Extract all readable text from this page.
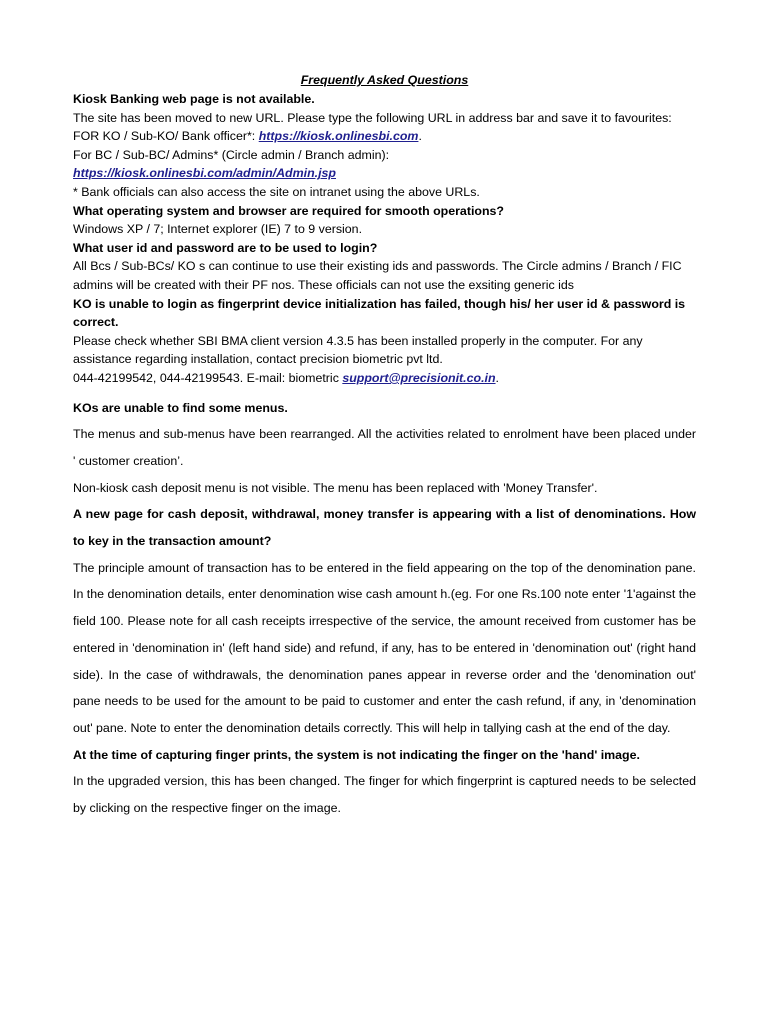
Frequently Asked Questions

Kiosk Banking web page is not available.

The site has been moved to new URL. Please type the following URL in address bar and save it to favourites:

FOR KO / Sub-KO/ Bank officer*: https://kiosk.onlinesbi.com.

For BC / Sub-BC/ Admins* (Circle admin / Branch admin):

https://kiosk.onlinesbi.com/admin/Admin.jsp

* Bank officials can also access the site on intranet using the above URLs.

What operating system and browser are required for smooth operations?

Windows XP / 7; Internet explorer (IE) 7 to 9 version.

What user id and password are to be used to login?

All Bcs / Sub-BCs/ KO s can continue to use their existing ids and passwords. The Circle admins / Branch / FIC admins will be created with their PF nos. These officials can not use the exsiting generic ids

KO is unable to login as fingerprint device initialization has failed, though his/ her user id & password is correct.

Please check whether SBI BMA client version 4.3.5 has been installed properly in the computer. For any assistance regarding installation, contact precision biometric pvt ltd.

044-42199542, 044-42199543. E-mail: biometric support@precisionit.co.in.

KOs are unable to find some menus.

The menus and sub-menus have been rearranged. All the activities related to enrolment have been placed under ' customer creation’.

Non-kiosk cash deposit menu is not visible. The menu has been replaced with 'Money Transfer'.

A new page for cash deposit, withdrawal, money transfer is appearing with a list of denominations. How to key in the transaction amount?

The principle amount of transaction has to be entered in the field appearing on the top of the denomination pane. In the denomination details, enter denomination wise cash amount h.(eg. For one Rs.100 note enter '1'against the field 100. Please note for all cash receipts irrespective of the service, the amount received from customer has be entered in 'denomination in' (left hand side) and refund, if any, has to be entered in 'denomination out' (right hand side). In the case of withdrawals, the denomination panes appear in reverse order and the 'denomination out' pane needs to be used for the amount to be paid to customer and enter the cash refund, if any, in 'denomination out' pane. Note to enter the denomination details correctly. This will help in tallying cash at the end of the day.

At the time of capturing finger prints, the system is not indicating the finger on the 'hand' image.

In the upgraded version, this has been changed. The finger for which fingerprint is captured needs to be selected by clicking on the respective finger on the image.
